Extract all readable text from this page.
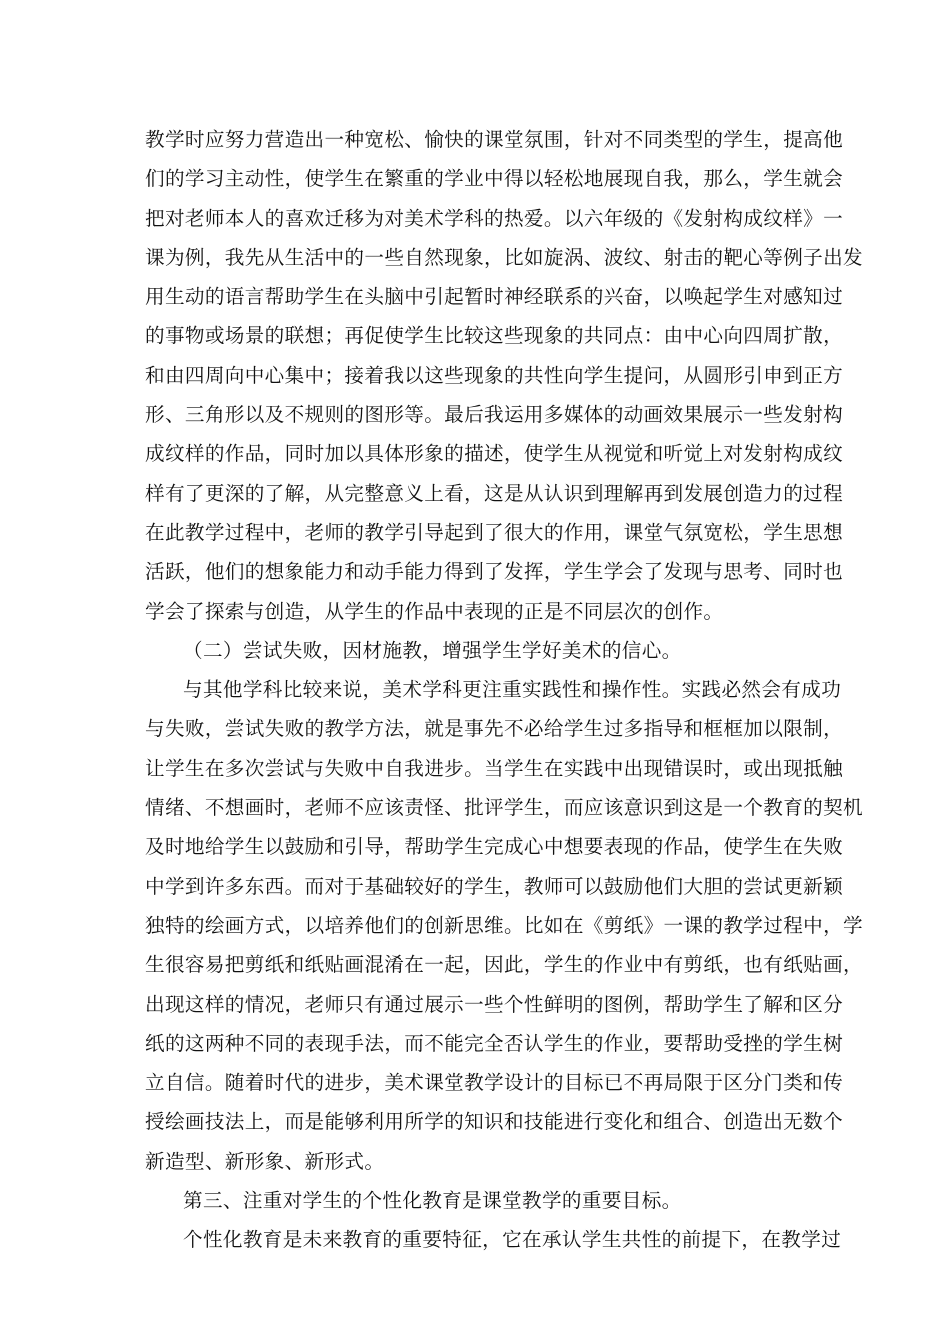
教学时应努力营造出一种宽松、愉快的课堂氛围，针对不同类型的学生，提高他
们的学习主动性，使学生在繁重的学业中得以轻松地展现自我，那么，学生就会
把对老师本人的喜欢迁移为对美术学科的热爱。以六年级的《发射构成纹样》一
课为例，我先从生活中的一些自然现象，比如旋涡、波纹、射击的靶心等例子出发
用生动的语言帮助学生在头脑中引起暂时神经联系的兴奋，以唤起学生对感知过
的事物或场景的联想；再促使学生比较这些现象的共同点：由中心向四周扩散，
和由四周向中心集中；接着我以这些现象的共性向学生提问，从圆形引申到正方
形、三角形以及不规则的图形等。最后我运用多媒体的动画效果展示一些发射构
成纹样的作品，同时加以具体形象的描述，使学生从视觉和听觉上对发射构成纹
样有了更深的了解，从完整意义上看，这是从认识到理解再到发展创造力的过程
在此教学过程中，老师的教学引导起到了很大的作用，课堂气氛宽松，学生思想
活跃，他们的想象能力和动手能力得到了发挥，学生学会了发现与思考、同时也
学会了探索与创造，从学生的作品中表现的正是不同层次的创作。
（二）尝试失败，因材施教，增强学生学好美术的信心。
与其他学科比较来说，美术学科更注重实践性和操作性。实践必然会有成功
与失败，尝试失败的教学方法，就是事先不必给学生过多指导和框框加以限制，
让学生在多次尝试与失败中自我进步。当学生在实践中出现错误时，或出现抵触
情绪、不想画时，老师不应该责怪、批评学生，而应该意识到这是一个教育的契机
及时地给学生以鼓励和引导，帮助学生完成心中想要表现的作品，使学生在失败
中学到许多东西。而对于基础较好的学生，教师可以鼓励他们大胆的尝试更新颖
独特的绘画方式，以培养他们的创新思维。比如在《剪纸》一课的教学过程中，学
生很容易把剪纸和纸贴画混淆在一起，因此，学生的作业中有剪纸，也有纸贴画，
出现这样的情况，老师只有通过展示一些个性鲜明的图例，帮助学生了解和区分
纸的这两种不同的表现手法，而不能完全否认学生的作业，要帮助受挫的学生树
立自信。随着时代的进步，美术课堂教学设计的目标已不再局限于区分门类和传
授绘画技法上，而是能够利用所学的知识和技能进行变化和组合、创造出无数个
新造型、新形象、新形式。
第三、注重对学生的个性化教育是课堂教学的重要目标。
个性化教育是未来教育的重要特征，它在承认学生共性的前提下，在教学过
